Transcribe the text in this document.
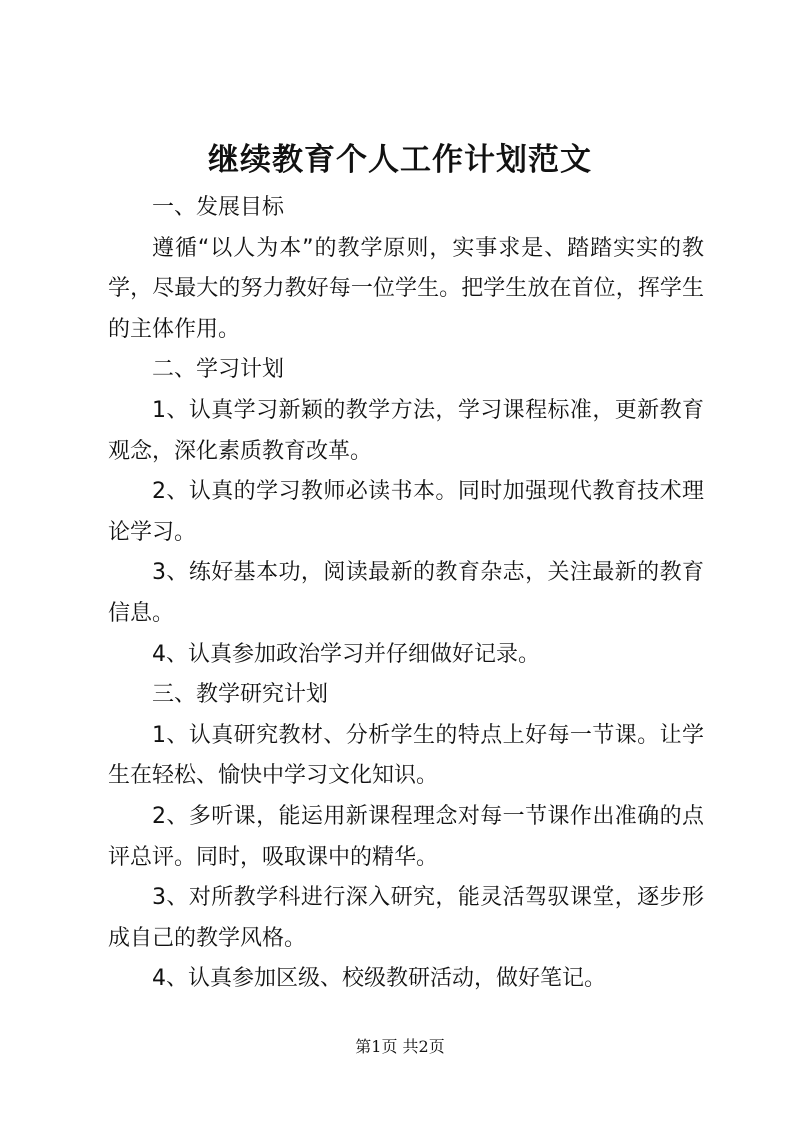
继续教育个人工作计划范文

一、发展目标

遵循“以人为本”的教学原则，实事求是、踏踏实实的教学，尽最大的努力教好每一位学生。把学生放在首位，挥学生的主体作用。

二、学习计划

1、认真学习新颖的教学方法，学习课程标准，更新教育观念，深化素质教育改革。

2、认真的学习教师必读书本。同时加强现代教育技术理论学习。

3、练好基本功，阅读最新的教育杂志，关注最新的教育信息。

4、认真参加政治学习并仔细做好记录。

三、教学研究计划

1、认真研究教材、分析学生的特点上好每一节课。让学生在轻松、愉快中学习文化知识。

2、多听课，能运用新课程理念对每一节课作出准确的点评总评。同时，吸取课中的精华。

3、对所教学科进行深入研究，能灵活驾驭课堂，逐步形成自己的教学风格。

4、认真参加区级、校级教研活动，做好笔记。

第1页 共2页
